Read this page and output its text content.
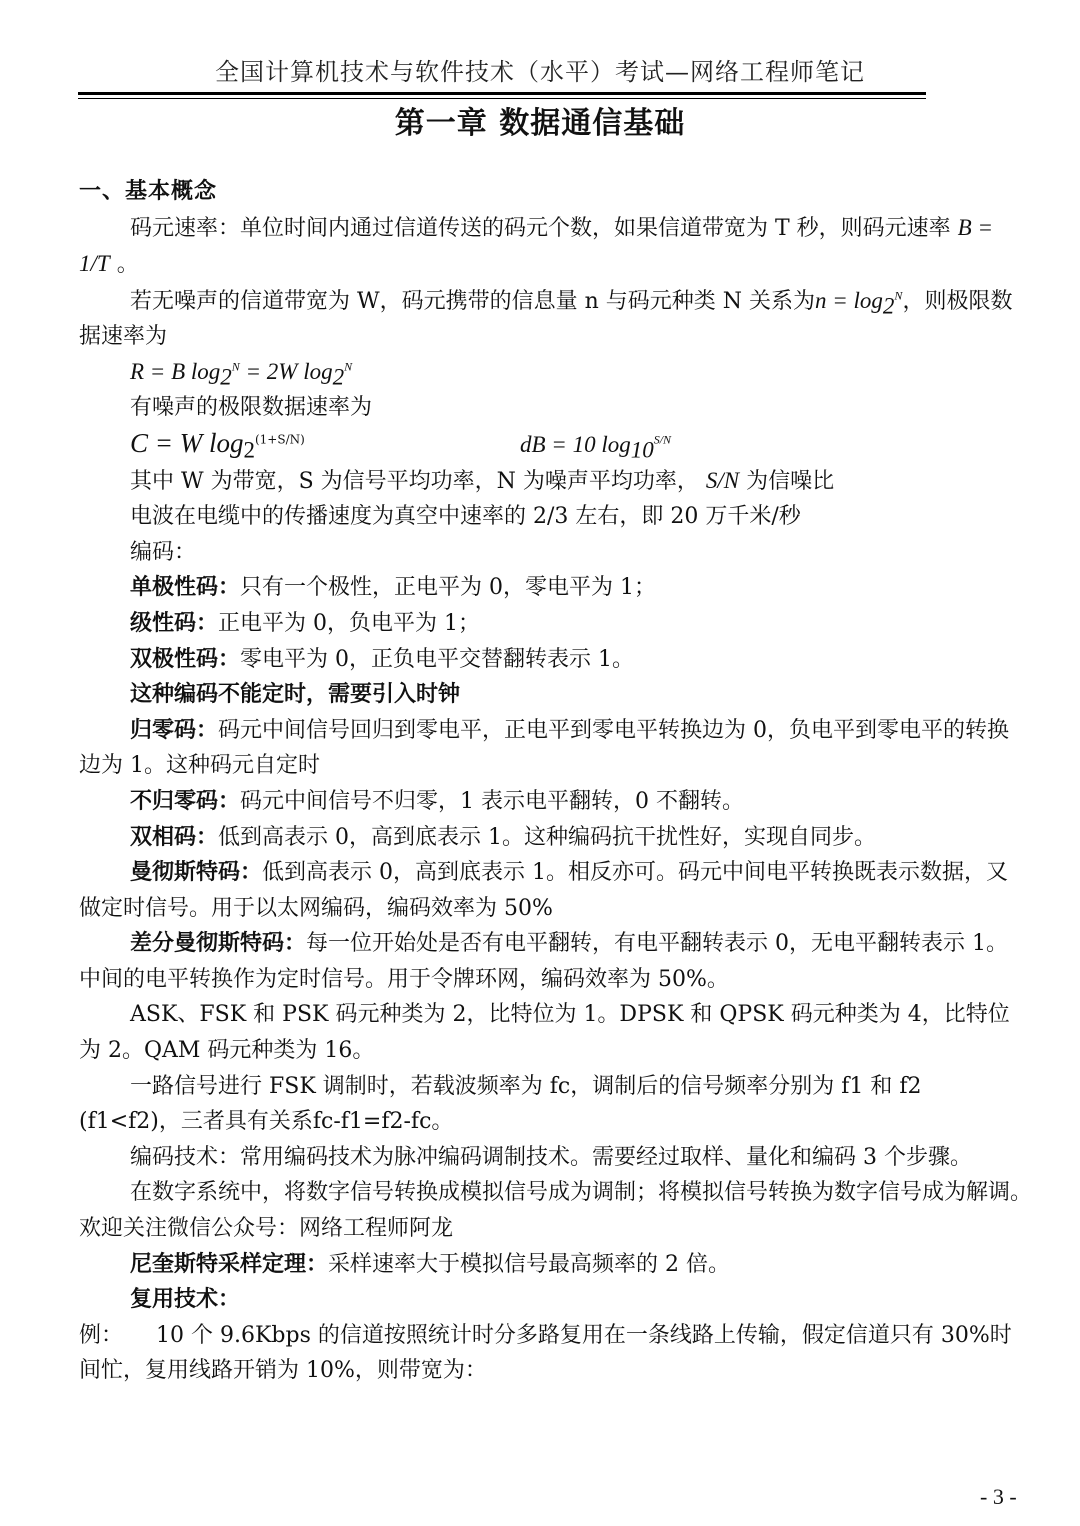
全国计算机技术与软件技术（水平）考试—网络工程师笔记
第一章 数据通信基础

一、基本概念

码元速率：单位时间内通过信道传送的码元个数，如果信道带宽为 T 秒，则码元速率 B = 1/T 。

若无噪声的信道带宽为 W，码元携带的信息量 n 与码元种类 N 关系为$n = \log_2^N$，则极限数据速率为

R = B $\log_2^N = 2W$ $\log_2^N$

有噪声的极限数据速率为

C = W $\log_2^{(1+S/N)}$	dB = 10 $\log_{10}^{S/N}$

其中 W 为带宽，S 为信号平均功率，N 为噪声平均功率， S/N 为信噪比

电波在电缆中的传播速度为真空中速率的 2/3 左右，即 20 万千米/秒

编码：

单极性码：只有一个极性，正电平为 0，零电平为 1；

级性码：正电平为 0，负电平为 1；

双极性码：零电平为 0，正负电平交替翻转表示 1。

这种编码不能定时，需要引入时钟

归零码：码元中间信号回归到零电平，正电平到零电平转换边为 0，负电平到零电平的转换边为 1。这种码元自定时

不归零码：码元中间信号不归零，1 表示电平翻转，0 不翻转。

双相码：低到高表示 0，高到底表示 1。这种编码抗干扰性好，实现自同步。

曼彻斯特码：低到高表示 0，高到底表示 1。相反亦可。码元中间电平转换既表示数据，又做定时信号。用于以太网编码，编码效率为 50%

差分曼彻斯特码：每一位开始处是否有电平翻转，有电平翻转表示 0，无电平翻转表示 1。中间的电平转换作为定时信号。用于令牌环网，编码效率为 50%。

ASK、FSK 和 PSK 码元种类为 2，比特位为 1。DPSK 和 QPSK 码元种类为 4，比特位为 2。QAM 码元种类为 16。

一路信号进行 FSK 调制时，若载波频率为 fc，调制后的信号频率分别为 f1 和 f2 (f1<f2)，三者具有关系fc-f1=f2-fc。

编码技术：常用编码技术为脉冲编码调制技术。需要经过取样、量化和编码 3 个步骤。

在数字系统中，将数字信号转换成模拟信号成为调制；将模拟信号转换为数字信号成为解调。　欢迎关注微信公众号：网络工程师阿龙

尼奎斯特采样定理：采样速率大于模拟信号最高频率的 2 倍。

复用技术：

例：   10 个 9.6Kbps 的信道按照统计时分多路复用在一条线路上传输，假定信道只有 30%时间忙，复用线路开销为 10%，则带宽为：

- 3 -
